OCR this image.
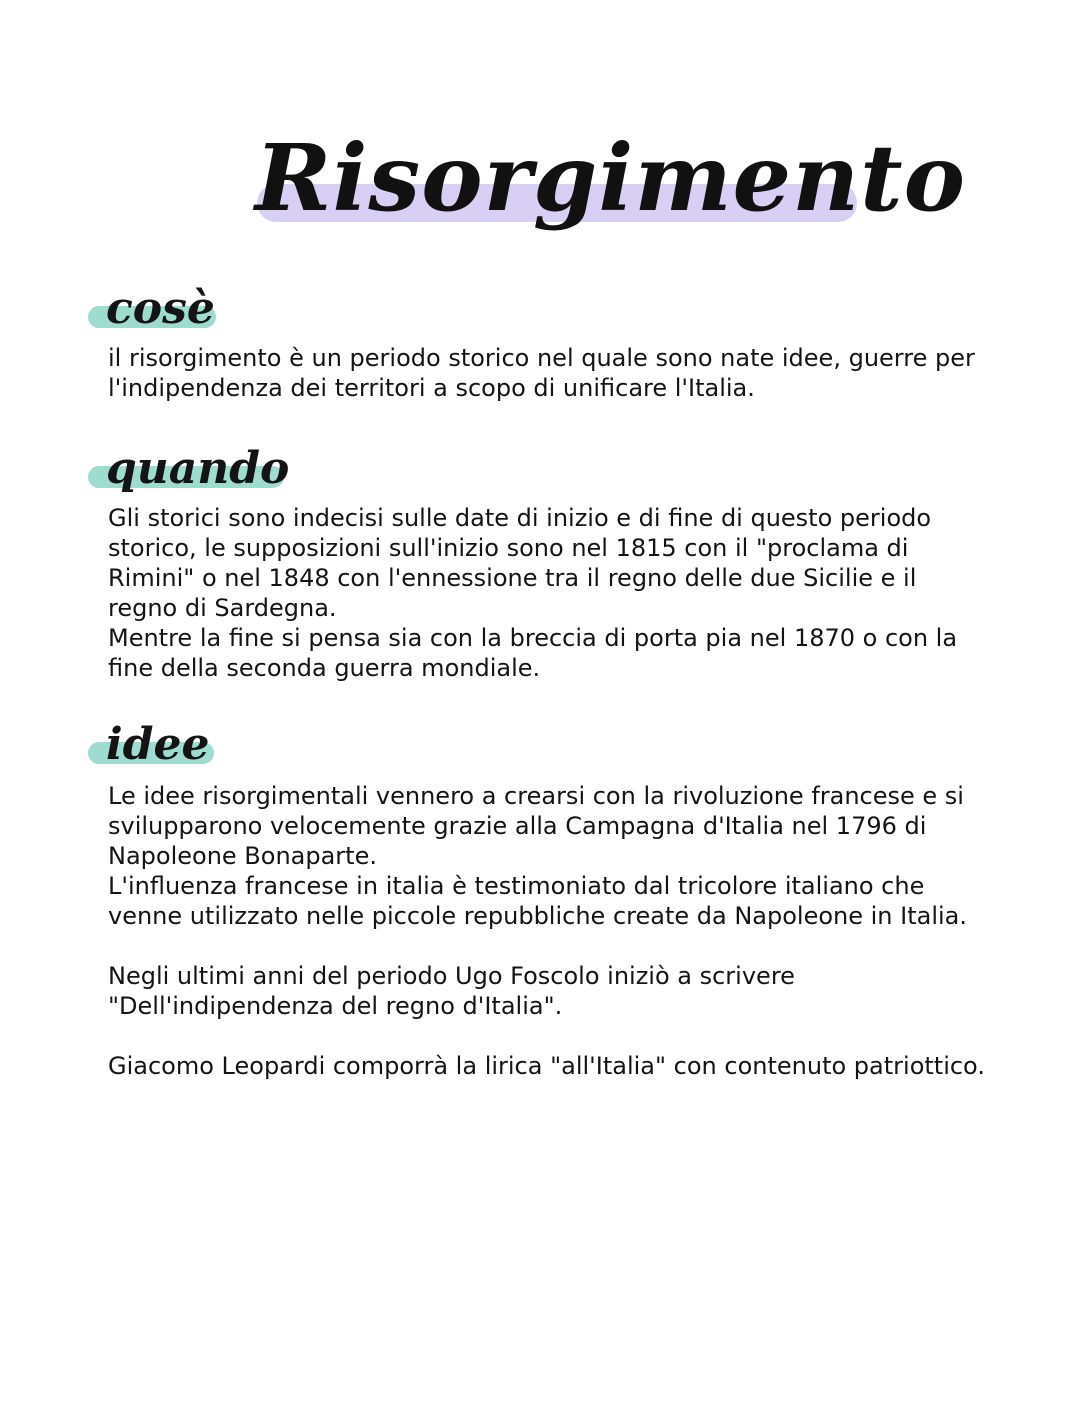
Risorgimento
cosè

il risorgimento è un periodo storico nel quale sono nate idee, guerre per l'indipendenza dei territori a scopo di unificare l'Italia.

quando

Gli storici sono indecisi sulle date di inizio e di fine di questo periodo storico, le supposizioni sull'inizio sono nel 1815 con il "proclama di Rimini" o nel 1848 con l'ennessione tra il regno delle due Sicilie e il regno di Sardegna.

Mentre la fine si pensa sia con la breccia di porta pia nel 1870 o con la fine della seconda guerra mondiale.

idee

Le idee risorgimentali vennero a crearsi con la rivoluzione francese e si svilupparono velocemente grazie alla Campagna d'Italia nel 1796 di Napoleone Bonaparte.

L'influenza francese in italia è testimoniato dal tricolore italiano che venne utilizzato nelle piccole repubbliche create da Napoleone in Italia.

Negli ultimi anni del periodo Ugo Foscolo iniziò a scrivere "Dell'indipendenza del regno d'Italia".

Giacomo Leopardi comporrà la lirica "all'Italia" con contenuto patriottico.
